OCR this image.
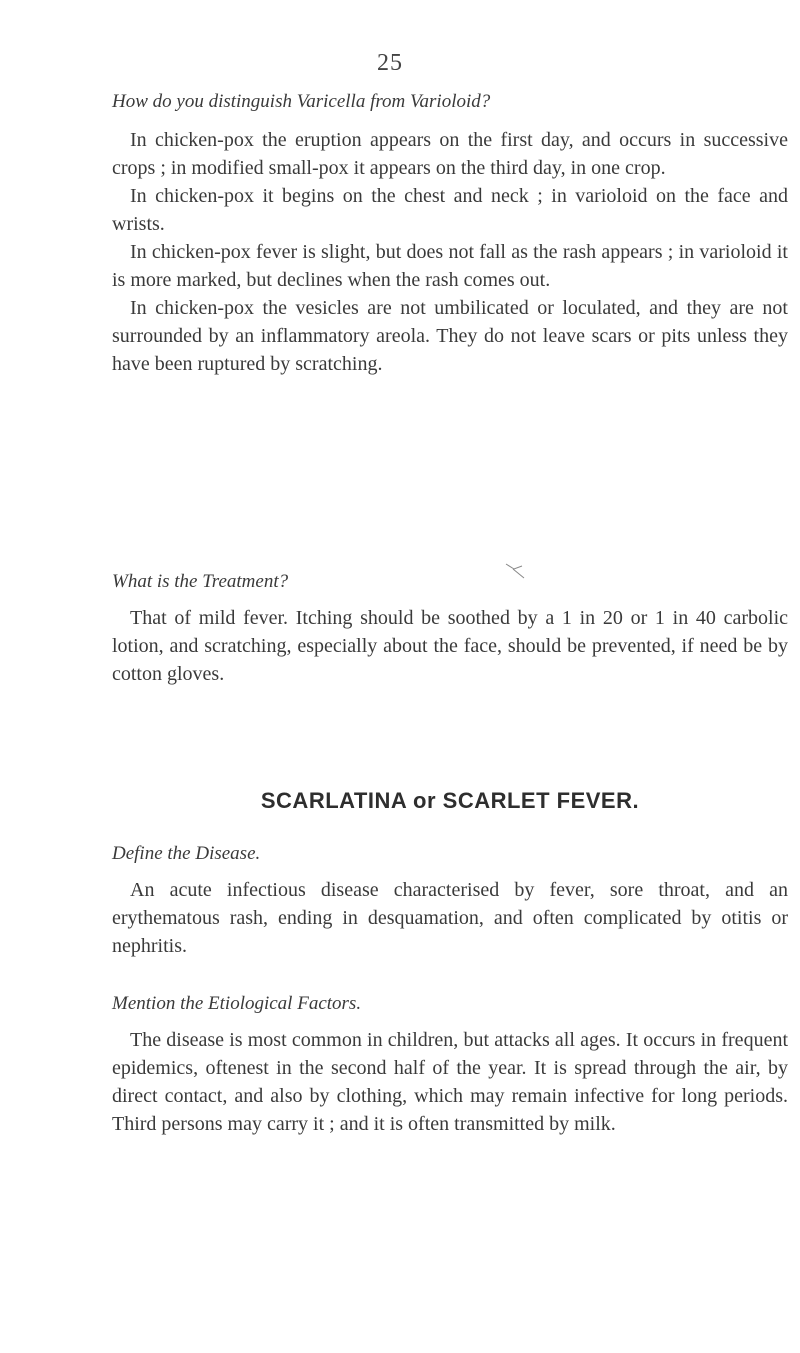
25
How do you distinguish Varicella from Varioloid?

In chicken-pox the eruption appears on the first day, and occurs in successive crops ; in modified small-pox it appears on the third day, in one crop.

In chicken-pox it begins on the chest and neck ; in varioloid on the face and wrists.

In chicken-pox fever is slight, but does not fall as the rash appears ; in varioloid it is more marked, but declines when the rash comes out.

In chicken-pox the vesicles are not umbilicated or loculated, and they are not surrounded by an inflammatory areola. They do not leave scars or pits unless they have been ruptured by scratching.

What is the Treatment?

That of mild fever. Itching should be soothed by a 1 in 20 or 1 in 40 carbolic lotion, and scratching, especially about the face, should be prevented, if need be by cotton gloves.

SCARLATINA or SCARLET FEVER.
Define the Disease.

An acute infectious disease characterised by fever, sore throat, and an erythematous rash, ending in desquamation, and often complicated by otitis or nephritis.

Mention the Etiological Factors.

The disease is most common in children, but attacks all ages. It occurs in frequent epidemics, oftenest in the second half of the year. It is spread through the air, by direct contact, and also by clothing, which may remain infective for long periods. Third persons may carry it ; and it is often transmitted by milk.
